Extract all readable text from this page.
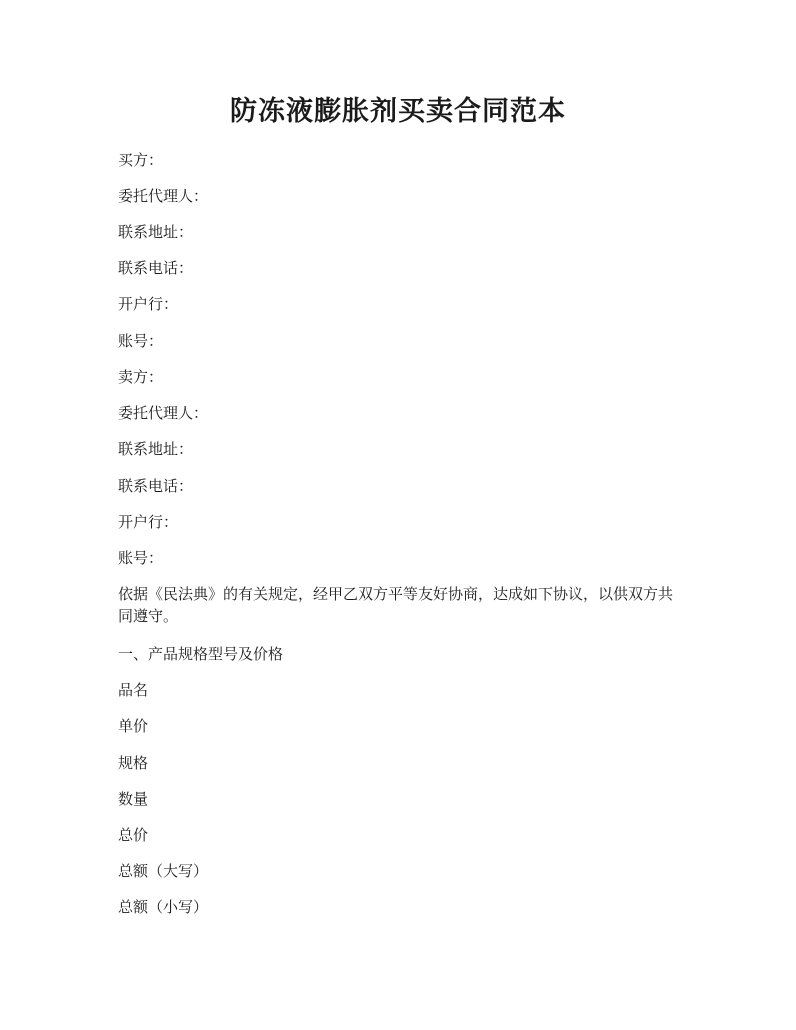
防冻液膨胀剂买卖合同范本

买方：

委托代理人：

联系地址：

联系电话：

开户行：

账号：

卖方：

委托代理人：

联系地址：

联系电话：

开户行：

账号：

依据《民法典》的有关规定，经甲乙双方平等友好协商，达成如下协议，以供双方共同遵守。

一、产品规格型号及价格

品名

单价

规格

数量

总价

总额（大写）

总额（小写）
